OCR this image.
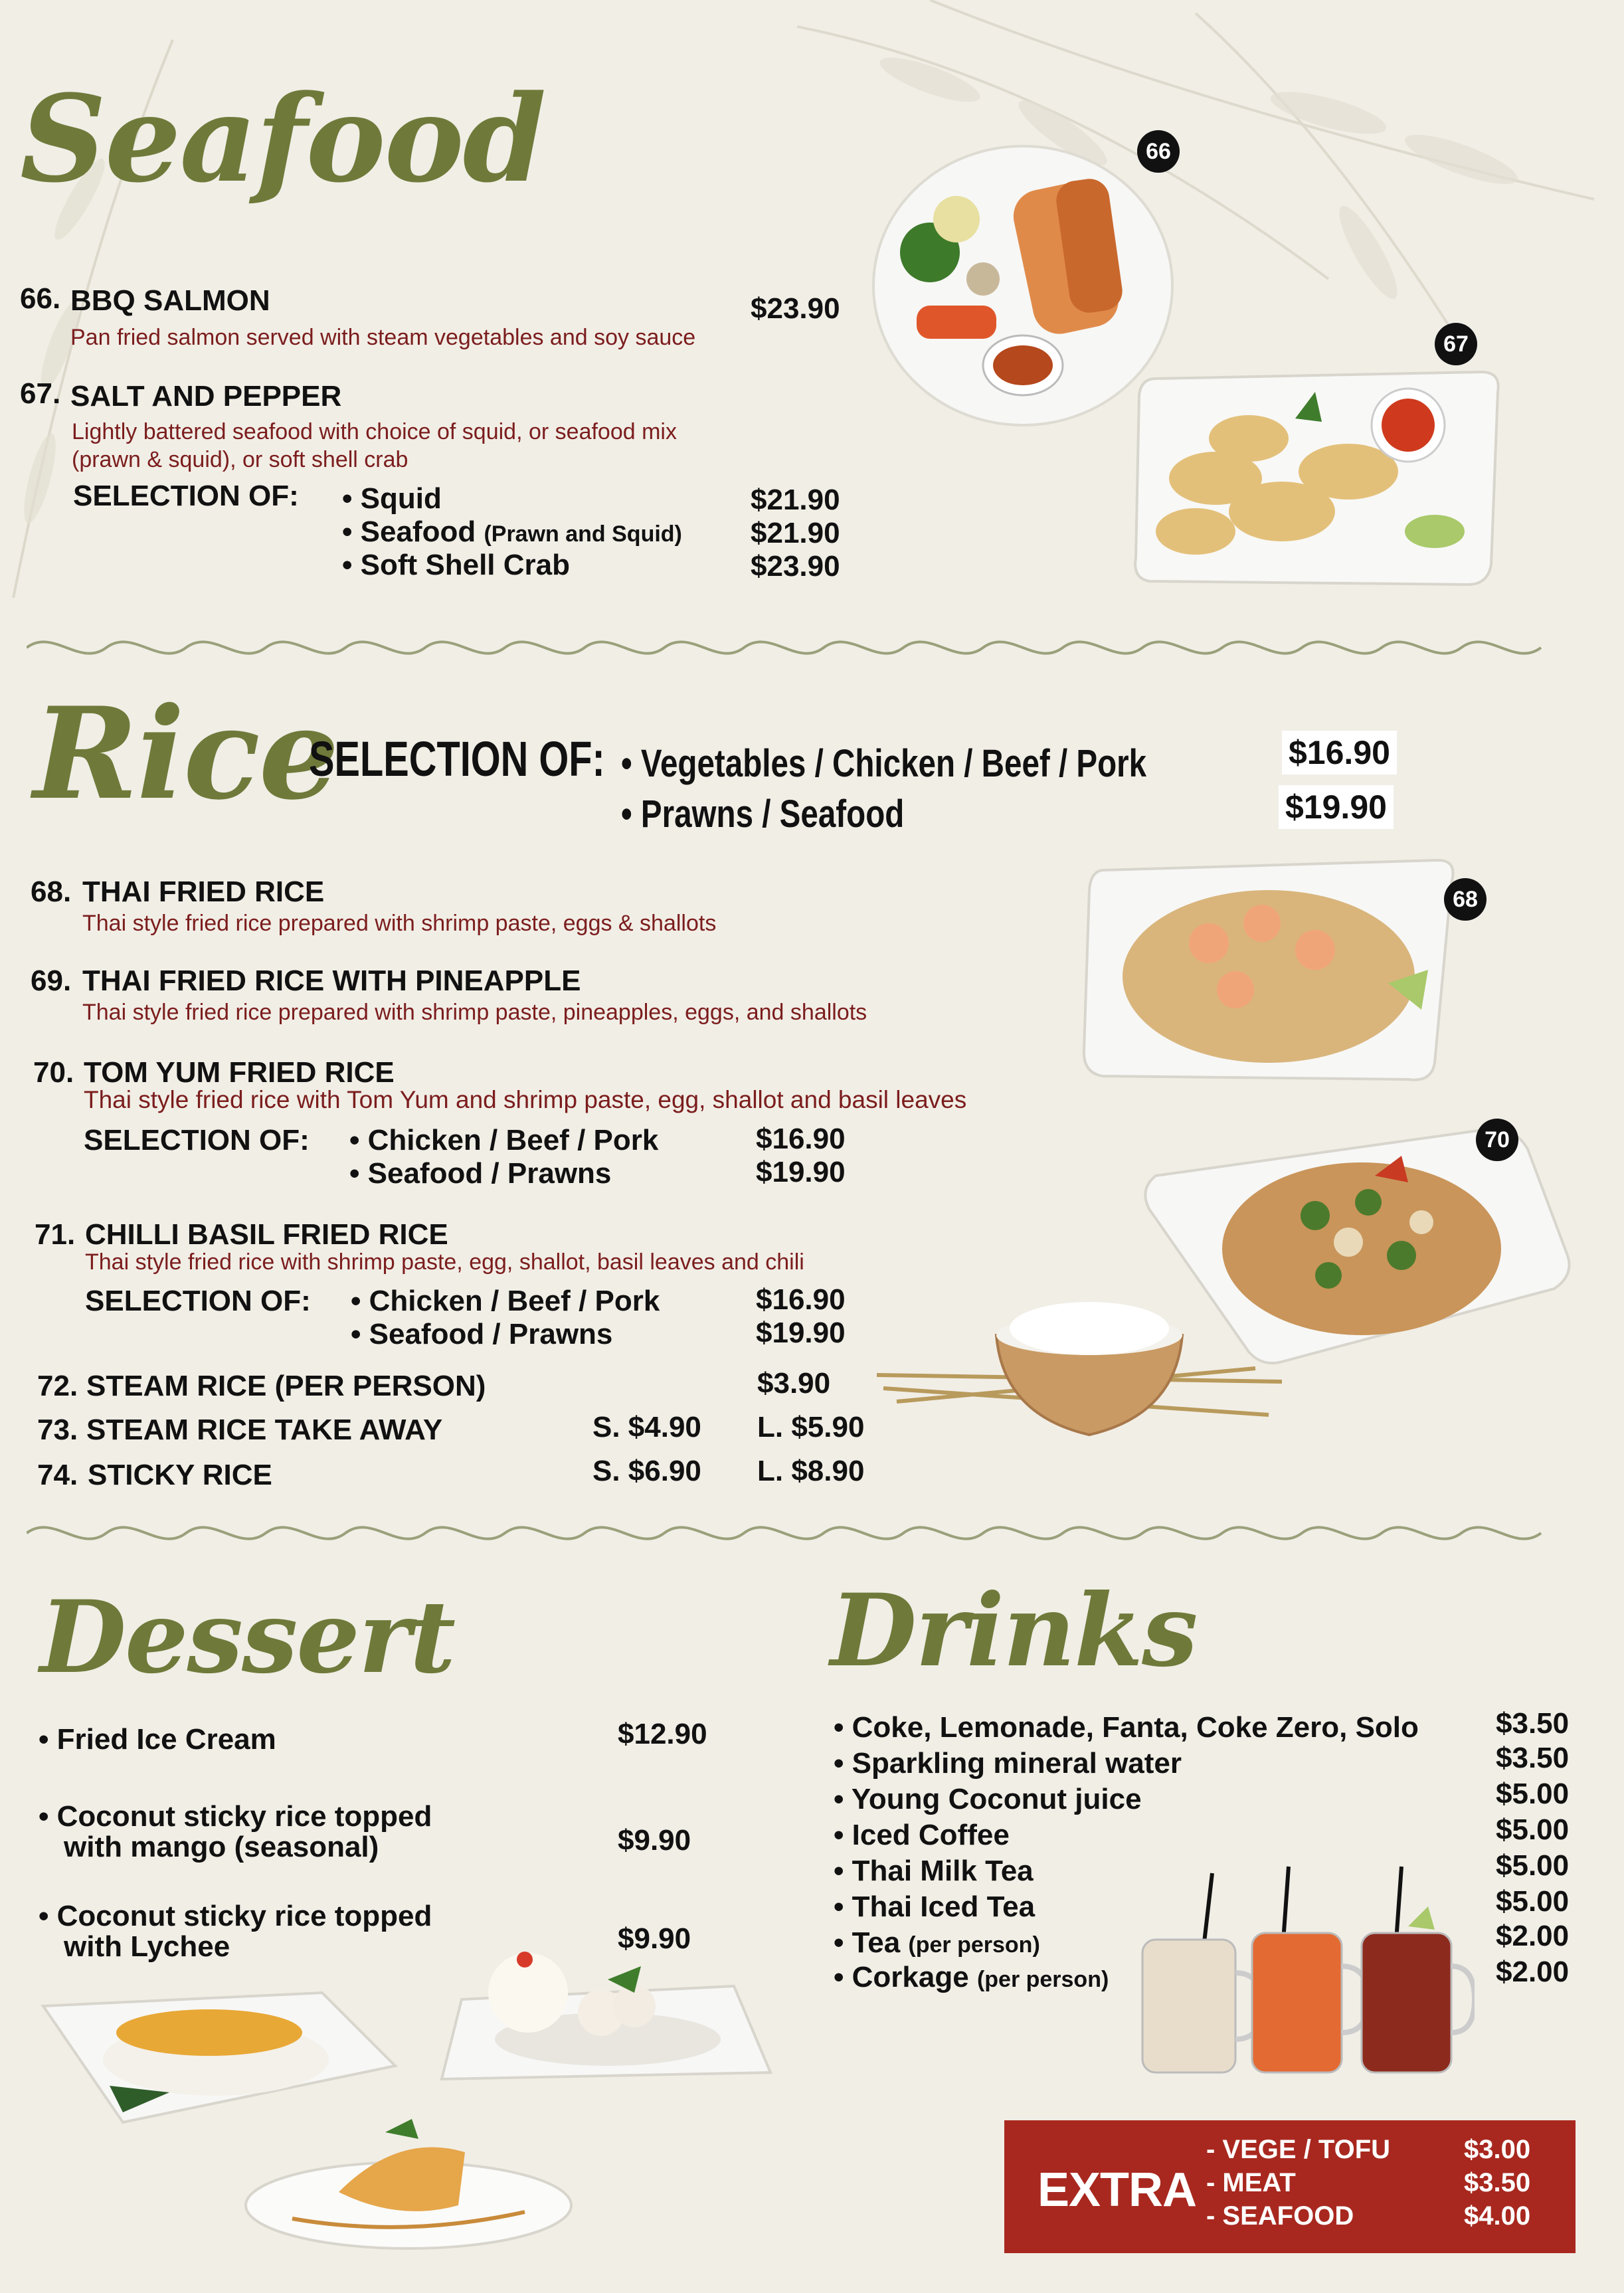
Seafood
66. BBQ SALMON	$23.90
Pan fried salmon served with steam vegetables and soy sauce
67. SALT AND PEPPER
Lightly battered seafood with choice of squid, or seafood mix
(prawn & squid), or soft shell crab
SELECTION OF: • Squid	$21.90
• Seafood (Prawn and Squid) $21.90
• Soft Shell Crab	$23.90
66
67
Rice
SELECTION OF: • Vegetables / Chicken / Beef / Pork	$16.90
• Prawns / Seafood	$19.90
68. THAI FRIED RICE
Thai style fried rice prepared with shrimp paste, eggs & shallots
69. THAI FRIED RICE WITH PINEAPPLE
Thai style fried rice prepared with shrimp paste, pineapples, eggs, and shallots
70. TOM YUM FRIED RICE
Thai style fried rice with Tom Yum and shrimp paste, egg, shallot and basil leaves
SELECTION OF: • Chicken / Beef / Pork	$16.90
• Seafood / Prawns	$19.90
71. CHILLI BASIL FRIED RICE
Thai style fried rice with shrimp paste, egg, shallot, basil leaves and chili
SELECTION OF: • Chicken / Beef / Pork	$16.90
• Seafood / Prawns	$19.90
72. STEAM RICE (PER PERSON)	$3.90
73. STEAM RICE TAKE AWAY	S. $4.90 L. $5.90
74. STICKY RICE	S. $6.90 L. $8.90
68
70
Dessert
• Fried Ice Cream	$12.90
• Coconut sticky rice topped
with mango (seasonal)	$9.90
• Coconut sticky rice topped
with Lychee	$9.90
Drinks
• Coke, Lemonade, Fanta, Coke Zero, Solo	$3.50
• Sparkling mineral water	$3.50
• Young Coconut juice	$5.00
• Iced Coffee	$5.00
• Thai Milk Tea	$5.00
• Thai Iced Tea	$5.00
• Tea (per person)	$2.00
• Corkage (per person)	$2.00
EXTRA
- VEGE / TOFU	$3.00
- MEAT	$3.50
- SEAFOOD	$4.00
